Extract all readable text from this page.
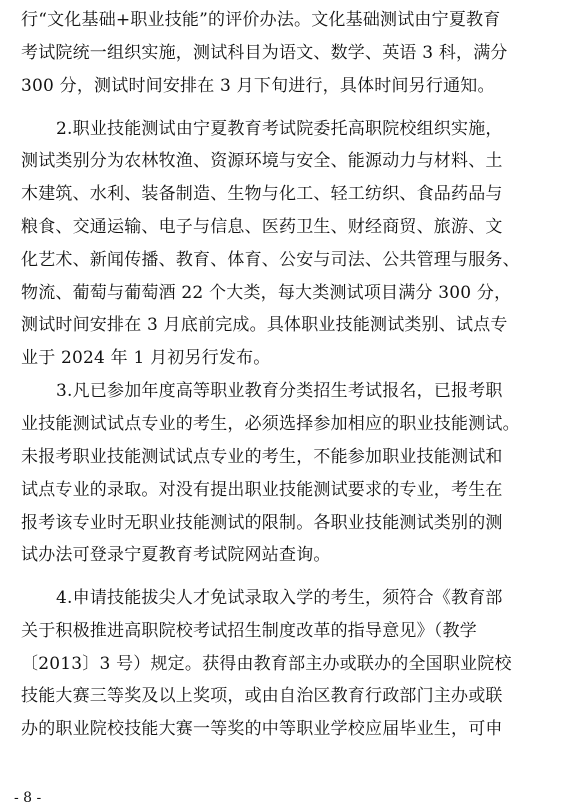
行“文化基础+职业技能”的评价办法。文化基础测试由宁夏教育
考试院统一组织实施，测试科目为语文、数学、英语 3 科，满分
300 分，测试时间安排在 3 月下旬进行，具体时间另行通知。
2.职业技能测试由宁夏教育考试院委托高职院校组织实施，
测试类别分为农林牧渔、资源环境与安全、能源动力与材料、土
木建筑、水利、装备制造、生物与化工、轻工纺织、食品药品与
粮食、交通运输、电子与信息、医药卫生、财经商贸、旅游、文
化艺术、新闻传播、教育、体育、公安与司法、公共管理与服务、
物流、葡萄与葡萄酒 22 个大类，每大类测试项目满分 300 分，
测试时间安排在 3 月底前完成。具体职业技能测试类别、试点专
业于 2024 年 1 月初另行发布。
3.凡已参加年度高等职业教育分类招生考试报名，已报考职
业技能测试试点专业的考生，必须选择参加相应的职业技能测试。
未报考职业技能测试试点专业的考生，不能参加职业技能测试和
试点专业的录取。对没有提出职业技能测试要求的专业，考生在
报考该专业时无职业技能测试的限制。各职业技能测试类别的测
试办法可登录宁夏教育考试院网站查询。
4.申请技能拔尖人才免试录取入学的考生，须符合《教育部
关于积极推进高职院校考试招生制度改革的指导意见》（教学
〔2013〕3 号）规定。获得由教育部主办或联办的全国职业院校
技能大赛三等奖及以上奖项，或由自治区教育行政部门主办或联
办的职业院校技能大赛一等奖的中等职业学校应届毕业生，可申
- 8 -
